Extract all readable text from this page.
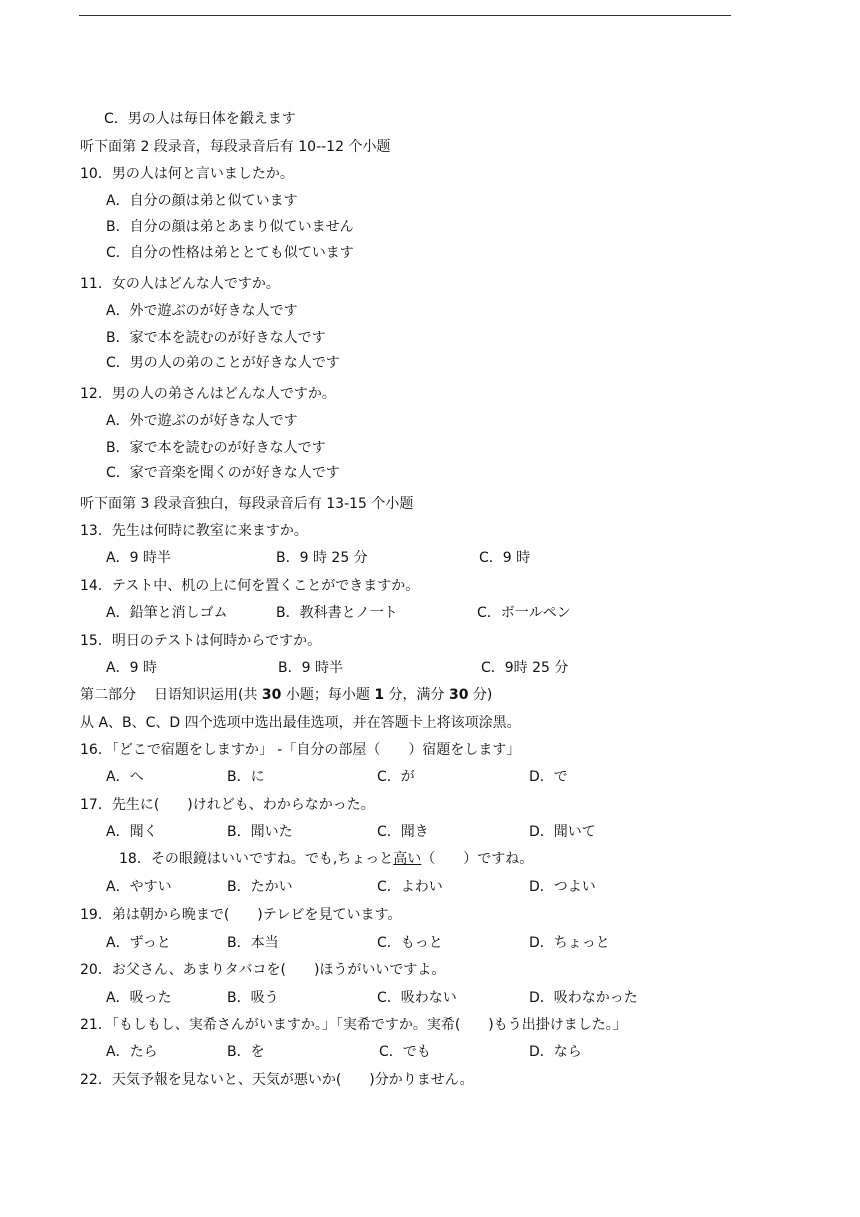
C．男の人は毎日体を鍛えます
听下面第 2 段录音，每段录音后有 10--12 个小题
10．男の人は何と言いましたか。
A．自分の顔は弟と似ています
B．自分の顔は弟とあまり似ていません
C．自分の性格は弟ととても似ています
11．女の人はどんな人ですか。
A．外で遊ぶのが好きな人です
B．家で本を読むのが好きな人です
C．男の人の弟のことが好きな人です
12．男の人の弟さんはどんな人ですか。
A．外で遊ぶのが好きな人です
B．家で本を読むのが好きな人です
C．家で音楽を聞くのが好きな人です
听下面第 3 段录音独白，每段录音后有 13-15 个小题
13．先生は何時に教室に来ますか。
A．9 時半	B．9 時 25 分	C．9 時
14．テスト中、机の上に何を置くことができますか。
A．鉛筆と消しゴム	B．教科書とノ一ト	C．ボ一ルペン
15．明日のテストは何時からですか。
A．9 時	B．9 時半	C．9時 25 分
第二部分 日语知识运用(共 30 小题；每小题 1 分，满分 30 分)
从 A、B、C、D 四个选项中选出最佳选项，并在答题卡上将该项涂黑。
16．「どこで宿題をしますか」 -「自分の部屋（　　）宿題をします」
A．へ	B．に	C．が	D．で
17．先生に(　　)けれども、わからなかった。
A．聞く	B．聞いた	C．聞き	D．聞いて
18．その眼鏡はいいですね。でも,ちょっと高い（　　）ですね。
A．やすい	B．たかい	C．よわい	D．つよい
19．弟は朝から晩まで(　　)テレビを見ています。
A．ずっと	B．本当	C．もっと	D．ちょっと
20．お父さん、あまりタバコを(　　)ほうがいいですよ。
A．吸った	B．吸う	C．吸わない	D．吸わなかった
21．「もしもし、実希さんがいますか。」「実希ですか。実希(　　)もう出掛けました。」
A．たら	B．を	C．でも	D．なら
22．天気予報を見ないと、天気が悪いか(　　)分かりません。
